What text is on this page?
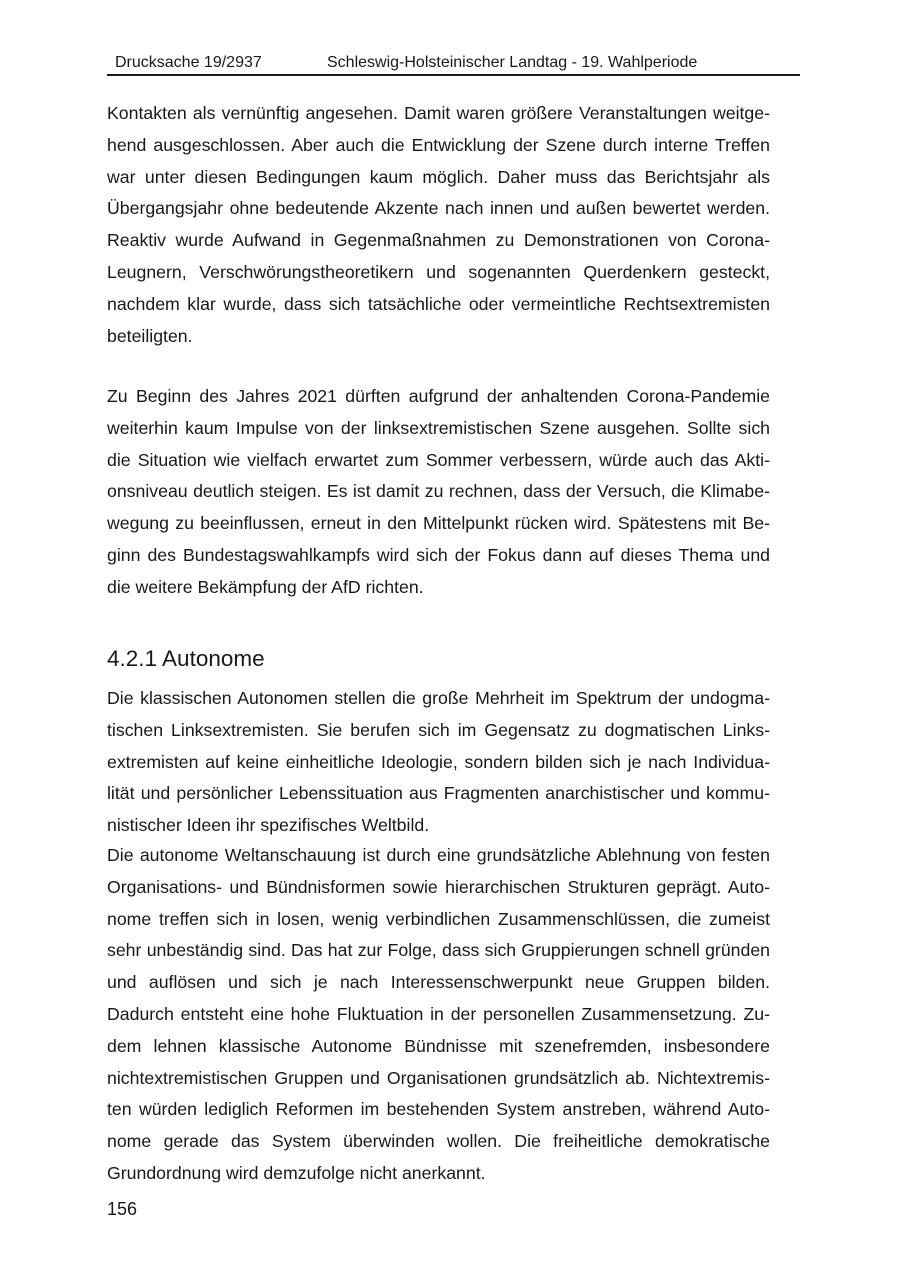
Drucksache 19/2937	Schleswig-Holsteinischer Landtag - 19. Wahlperiode
Kontakten als vernünftig angesehen. Damit waren größere Veranstaltungen weitge-
hend ausgeschlossen. Aber auch die Entwicklung der Szene durch interne Treffen
war unter diesen Bedingungen kaum möglich. Daher muss das Berichtsjahr als
Übergangsjahr ohne bedeutende Akzente nach innen und außen bewertet werden.
Reaktiv wurde Aufwand in Gegenmaßnahmen zu Demonstrationen von Corona-
Leugnern, Verschwörungstheoretikern und sogenannten Querdenkern gesteckt,
nachdem klar wurde, dass sich tatsächliche oder vermeintliche Rechtsextremisten
beteiligten.
Zu Beginn des Jahres 2021 dürften aufgrund der anhaltenden Corona-Pandemie
weiterhin kaum Impulse von der linksextremistischen Szene ausgehen. Sollte sich
die Situation wie vielfach erwartet zum Sommer verbessern, würde auch das Akti-
onsniveau deutlich steigen. Es ist damit zu rechnen, dass der Versuch, die Klimabe-
wegung zu beeinflussen, erneut in den Mittelpunkt rücken wird. Spätestens mit Be-
ginn des Bundestagswahlkampfs wird sich der Fokus dann auf dieses Thema und
die weitere Bekämpfung der AfD richten.
4.2.1 Autonome
Die klassischen Autonomen stellen die große Mehrheit im Spektrum der undogma-
tischen Linksextremisten. Sie berufen sich im Gegensatz zu dogmatischen Links-
extremisten auf keine einheitliche Ideologie, sondern bilden sich je nach Individua-
lität und persönlicher Lebenssituation aus Fragmenten anarchistischer und kommu-
nistischer Ideen ihr spezifisches Weltbild.
Die autonome Weltanschauung ist durch eine grundsätzliche Ablehnung von festen
Organisations- und Bündnisformen sowie hierarchischen Strukturen geprägt. Auto-
nome treffen sich in losen, wenig verbindlichen Zusammenschlüssen, die zumeist
sehr unbeständig sind. Das hat zur Folge, dass sich Gruppierungen schnell gründen
und auflösen und sich je nach Interessenschwerpunkt neue Gruppen bilden.
Dadurch entsteht eine hohe Fluktuation in der personellen Zusammensetzung. Zu-
dem lehnen klassische Autonome Bündnisse mit szenefremden, insbesondere
nichtextremistischen Gruppen und Organisationen grundsätzlich ab. Nichtextremis-
ten würden lediglich Reformen im bestehenden System anstreben, während Auto-
nome gerade das System überwinden wollen. Die freiheitliche demokratische
Grundordnung wird demzufolge nicht anerkannt.
156
